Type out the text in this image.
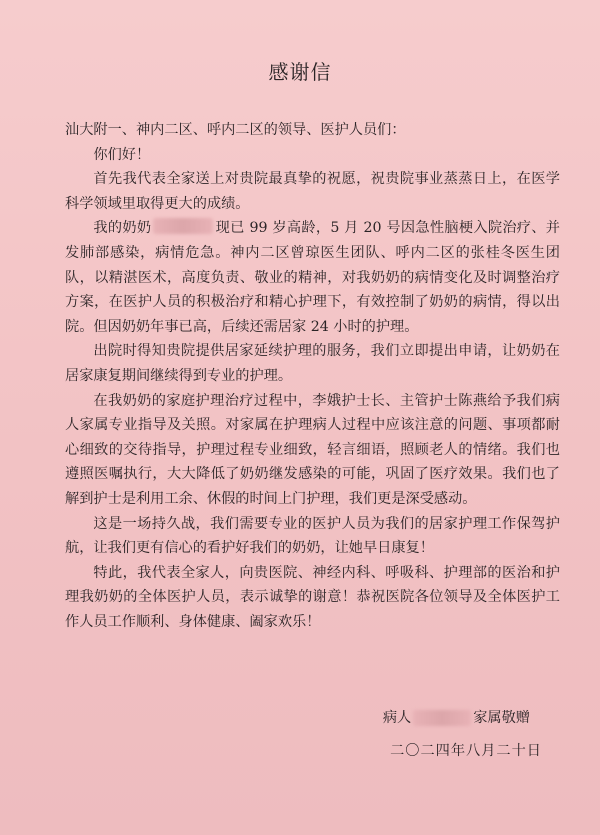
感谢信

汕大附一、神内二区、呼内二区的领导、医护人员们：

你们好！

首先我代表全家送上对贵院最真挚的祝愿，祝贵院事业蒸蒸日上，在医学科学领域里取得更大的成绩。

我的奶奶	现已 99 岁高龄，5 月 20 号因急性脑梗入院治疗、并发肺部感染，病情危急。神内二区曾琼医生团队、呼内二区的张桂冬医生团队，以精湛医术，高度负责、敬业的精神，对我奶奶的病情变化及时调整治疗方案，在医护人员的积极治疗和精心护理下，有效控制了奶奶的病情，得以出院。但因奶奶年事已高，后续还需居家 24 小时的护理。

出院时得知贵院提供居家延续护理的服务，我们立即提出申请，让奶奶在居家康复期间继续得到专业的护理。

在我奶奶的家庭护理治疗过程中，李娥护士长、主管护士陈燕给予我们病人家属专业指导及关照。对家属在护理病人过程中应该注意的问题、事项都耐心细致的交待指导，护理过程专业细致，轻言细语，照顾老人的情绪。我们也遵照医嘱执行，大大降低了奶奶继发感染的可能，巩固了医疗效果。我们也了解到护士是利用工余、休假的时间上门护理，我们更是深受感动。

这是一场持久战，我们需要专业的医护人员为我们的居家护理工作保驾护航，让我们更有信心的看护好我们的奶奶，让她早日康复！

特此，我代表全家人，向贵医院、神经内科、呼吸科、护理部的医治和护理我奶奶的全体医护人员，表示诚挚的谢意！恭祝医院各位领导及全体医护工作人员工作顺利、身体健康、阖家欢乐！

病人	家属敬赠
二〇二四年八月二十日
